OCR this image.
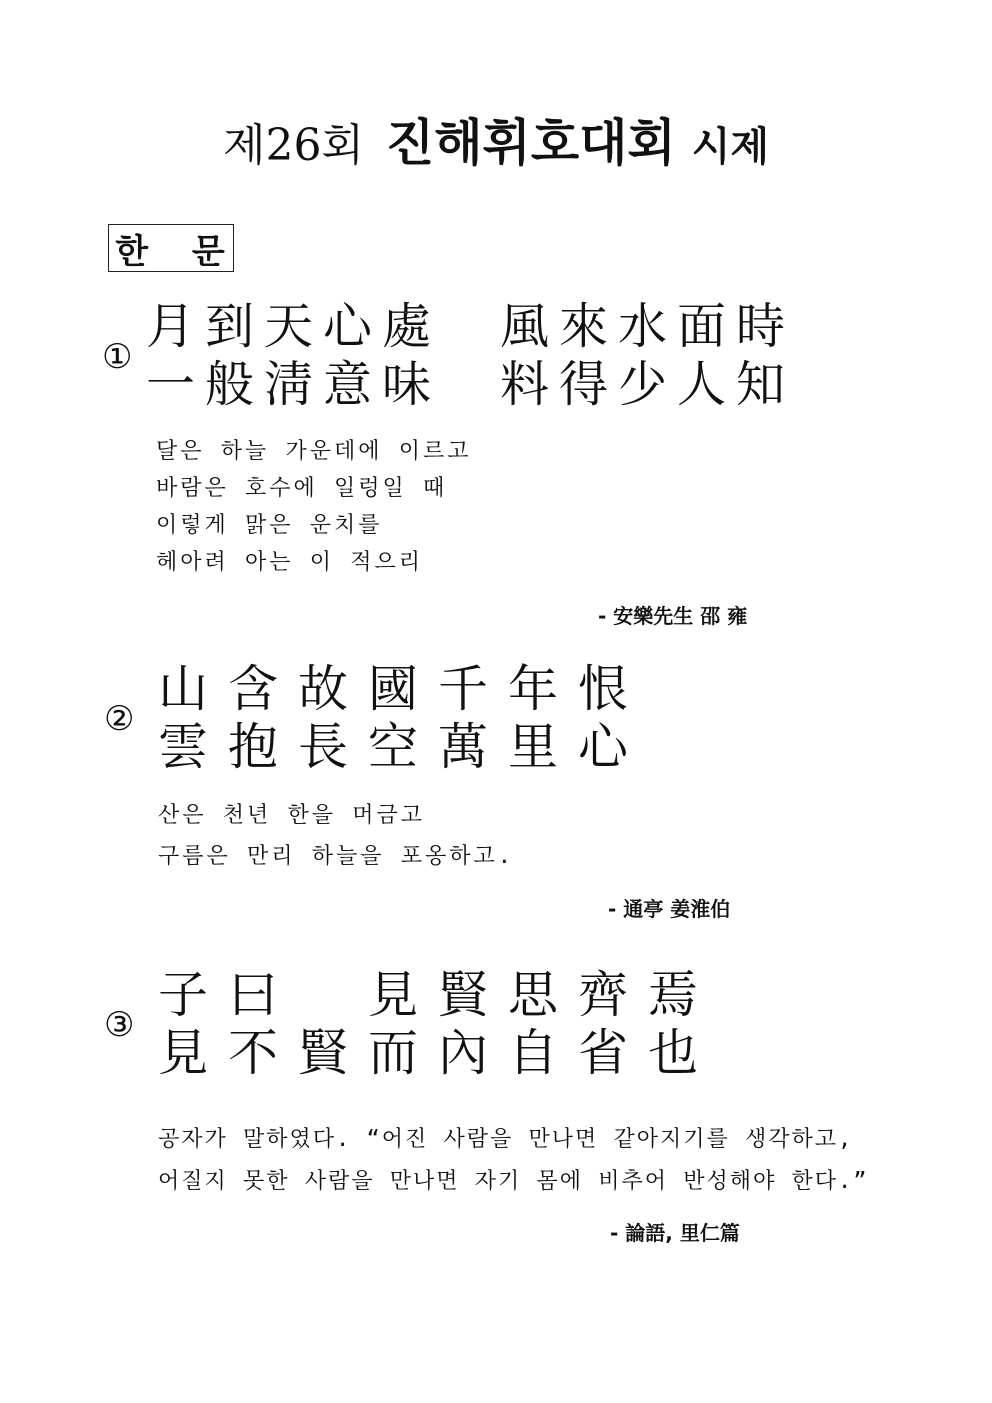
제26회 진해휘호대회 시제
한 문
①
月到天心處　風來水面時
一般淸意味　料得少人知
달은 하늘 가운데에 이르고
바람은 호수에 일렁일 때
이렇게 맑은 운치를
헤아려 아는 이 적으리
- 安樂先生 邵 雍
②
山含故國千年恨
雲抱長空萬里心
산은 천년 한을 머금고
구름은 만리 하늘을 포옹하고.
- 通亭 姜淮伯
③
子曰　見賢思齊焉
見不賢而內自省也
공자가 말하였다. “어진 사람을 만나면 같아지기를 생각하고,
어질지 못한 사람을 만나면 자기 몸에 비추어 반성해야 한다.”
- 論語, 里仁篇
